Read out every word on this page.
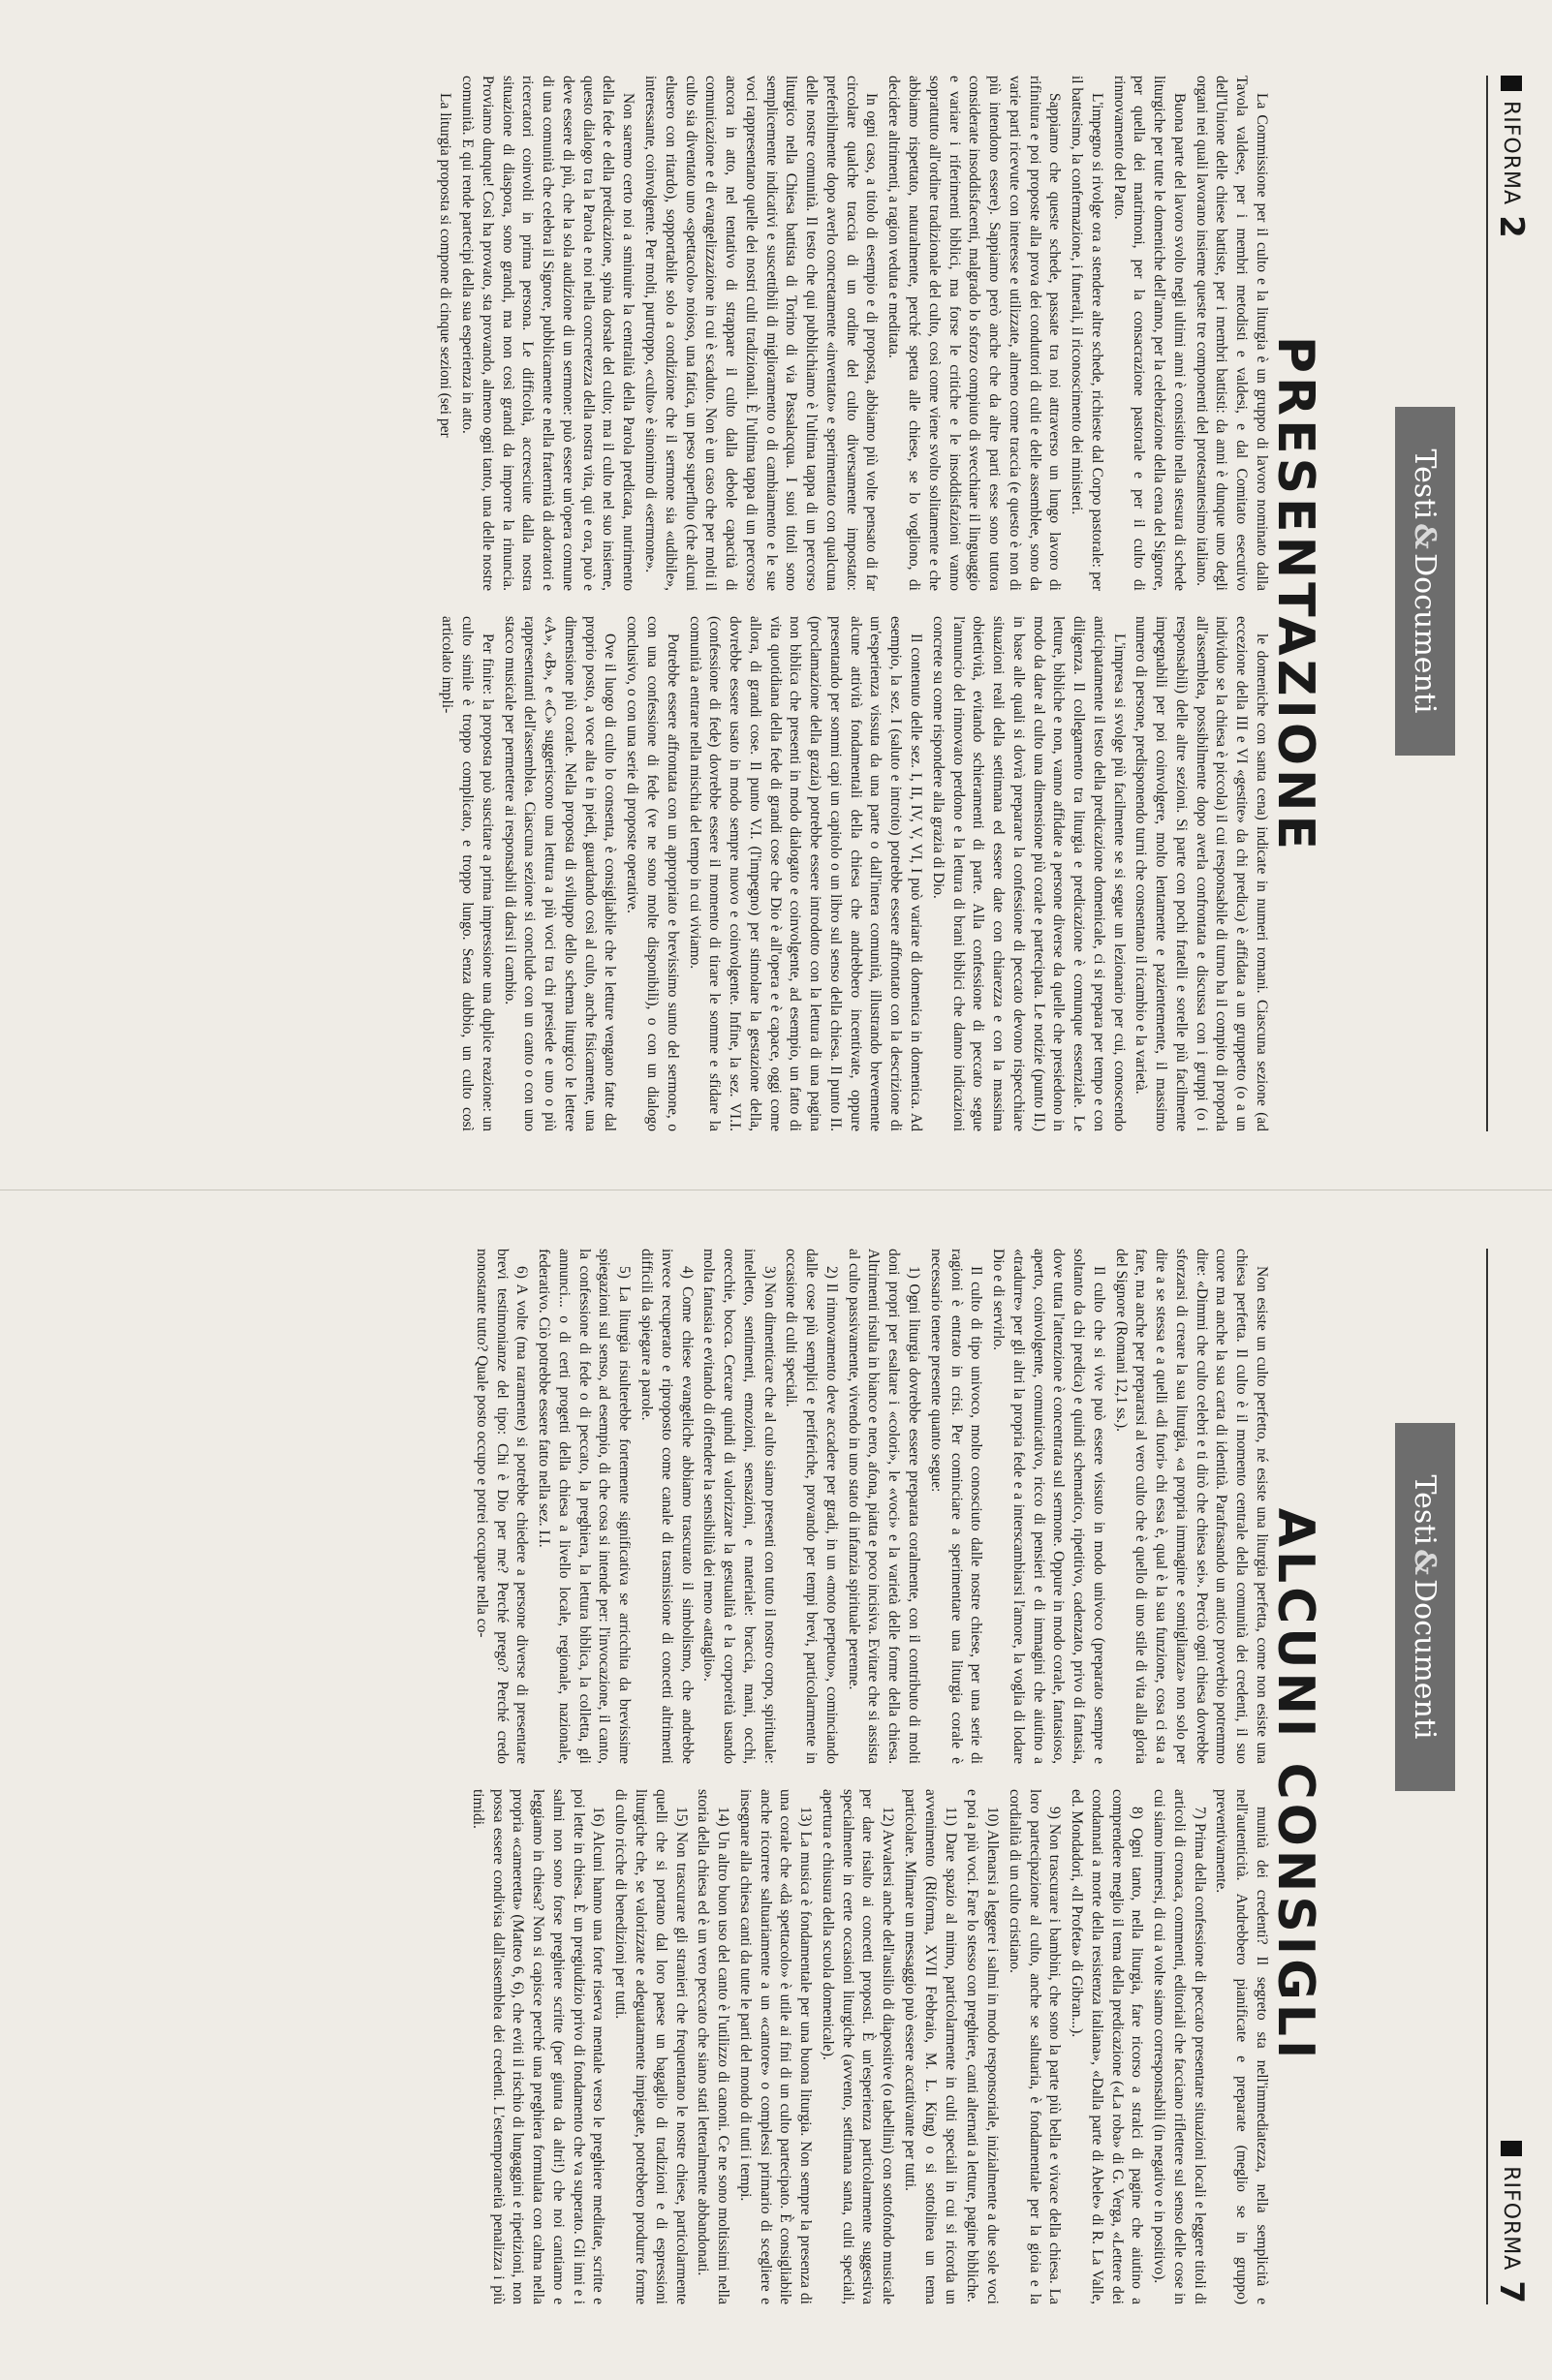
RIFORMA
2
Testi
&
Documenti
PRESENTAZIONE

La Commissione per il culto e la liturgia è un gruppo di lavoro nominato dalla Tavola valdese, per i membri metodisti e valdesi, e dal Comitato esecutivo dell'Unione delle chiese battiste, per i membri battisti: da anni è dunque uno degli organi nei quali lavorano insieme queste tre componenti del protestantesimo italiano.

Buona parte del lavoro svolto negli ultimi anni è consistito nella stesura di schede liturgiche per tutte le domeniche dell'anno, per la celebrazione della cena del Signore, per quella dei matrimoni, per la consacrazione pastorale e per il culto di rinnovamento del Patto.

L'impegno si rivolge ora a stendere altre schede, richieste dal Corpo pastorale: per il battesimo, la confermazione, i funerali, il riconoscimento dei ministeri.

Sappiamo che queste schede, passate tra noi attraverso un lungo lavoro di rifinitura e poi proposte alla prova dei conduttori di culti e delle assemblee, sono da varie parti ricevute con interesse e utilizzate, almeno come traccia (e questo è non di più intendono essere). Sappiamo però anche che da altre parti esse sono tuttora considerate insoddisfacenti, malgrado lo sforzo compiuto di svecchiare il linguaggio e variare i riferimenti biblici, ma forse le critiche e le insoddisfazioni vanno soprattutto all'ordine tradizionale del culto, così come viene svolto solitamente e che abbiamo rispettato, naturalmente, perché spetta alle chiese, se lo vogliono, di decidere altrimenti, a ragion veduta e meditata.

In ogni caso, a titolo di esempio e di proposta, abbiamo più volte pensato di far circolare qualche traccia di un ordine del culto diversamente impostato: preferibilmente dopo averlo concretamente «inventato» e sperimentato con qualcuna delle nostre comunità. Il testo che qui pubblichiamo è l'ultima tappa di un percorso liturgico nella Chiesa battista di Torino di via Passalacqua. I suoi titoli sono semplicemente indicativi e suscettibili di miglioramento o di cambiamento e le sue voci rappresentano quelle dei nostri culti tradizionali. È l'ultima tappa di un percorso ancora in atto, nel tentativo di strappare il culto dalla debole capacità di comunicazione e di evangelizzazione in cui è scaduto. Non è un caso che per molti il culto sia diventato uno «spettacolo» noioso, una fatica, un peso superfluo (che alcuni elusero con ritardo), sopportabile solo a condizione che il sermone sia «udibile», interessante, coinvolgente. Per molti, purtroppo, «culto» è sinonimo di «sermone».

Non saremo certo noi a sminuire la centralità della Parola predicata, nutrimento della fede e della predicazione, spina dorsale del culto; ma il culto nel suo insieme, questo dialogo tra la Parola e noi nella concretezza della nostra vita, qui e ora, può e deve essere di più, che la sola audizione di un sermone: può essere un'opera comune di una comunità che celebra il Signore, pubblicamente e nella fraternità di adoratori e ricercatori coinvolti in prima persona. Le difficoltà, accresciute dalla nostra situazione di diaspora, sono grandi, ma non così grandi da imporre la rinuncia. Proviamo dunque! Così ha provato, sta provando, almeno ogni tanto, una delle nostre comunità. E qui rende partecipi della sua esperienza in atto.

La liturgia proposta si compone di cinque sezioni (sei per

le domeniche con santa cena) indicate in numeri romani. Ciascuna sezione (ad eccezione della III e VI «gestite» da chi predica) è affidata a un gruppetto (o a un individuo se la chiesa è piccola) il cui responsabile di turno ha il compito di proporla all'assemblea, possibilmente dopo averla confrontata e discussa con i gruppi (o i responsabili) delle altre sezioni. Si parte con pochi fratelli e sorelle più facilmente impegnabili per poi coinvolgere, molto lentamente e pazientemente, il massimo numero di persone, predisponendo turni che consentano il ricambio e la varietà.

L'impresa si svolge più facilmente se si segue un lezionario per cui, conoscendo anticipatamente il testo della predicazione domenicale, ci si prepara per tempo e con diligenza. Il collegamento tra liturgia e predicazione è comunque essenziale. Le letture, bibliche e non, vanno affidate a persone diverse da quelle che presiedono in modo da dare al culto una dimensione più corale e partecipata. Le notizie (punto II.) in base alle quali si dovrà preparare la confessione di peccato devono rispecchiare situazioni reali della settimana ed essere date con chiarezza e con la massima obiettività, evitando schieramenti di parte. Alla confessione di peccato segue l'annuncio del rinnovato perdono e la lettura di brani biblici che danno indicazioni concrete su come rispondere alla grazia di Dio.

Il contenuto delle sez. I, II, IV, V, VI, I può variare di domenica in domenica. Ad esempio, la sez. I (saluto e introito) potrebbe essere affrontato con la descrizione di un'esperienza vissuta da una parte o dall'intera comunità, illustrando brevemente alcune attività fondamentali della chiesa che andrebbero incentivate, oppure presentando per sommi capi un capitolo o un libro sul senso della chiesa. Il punto II. (proclamazione della grazia) potrebbe essere introdotto con la lettura di una pagina non biblica che presenti in modo dialogato e coinvolgente, ad esempio, un fatto di vita quotidiana della fede di grandi cose che Dio è all'opera e è capace, oggi come allora, di grandi cose. Il punto V.I. (l'impegno) per stimolare la gestazione della, dovrebbe essere usato in modo sempre nuovo e coinvolgente. Infine, la sez. VI.I. (confessione di fede) dovrebbe essere il momento di tirare le somme e sfidare la comunità a entrare nella mischia del tempo in cui viviamo.

Potrebbe essere affrontata con un appropriato e brevissimo sunto del sermone, o con una confessione di fede (ve ne sono molte disponibili), o con un dialogo conclusivo, o con una serie di proposte operative.

Ove il luogo di culto lo consenta, è consigliabile che le letture vengano fatte dal proprio posto, a voce alta e in piedi, guardando così al culto, anche fisicamente, una dimensione più corale. Nella proposta di sviluppo dello schema liturgico le lettere «A», «B», e «C» suggeriscono una lettura a più voci tra chi presiede e uno o più rappresentanti dell'assemblea. Ciascuna sezione si conclude con un canto o con uno stacco musicale per permettere ai responsabili di darsi il cambio.

Per finire: la proposta può suscitare a prima impressione una duplice reazione: un culto simile è troppo complicato, e troppo lungo. Senza dubbio, un culto così articolato impli-

RIFORMA
7
Testi
&
Documenti
ALCUNI CONSIGLI

Non esiste un culto perfetto, né esiste una liturgia perfetta, come non esiste una chiesa perfetta. Il culto è il momento centrale della comunità dei credenti, il suo cuore ma anche la sua carta di identità. Parafrasando un antico proverbio potremmo dire: «Dimmi che culto celebri e ti dirò che chiesa sei». Perciò ogni chiesa dovrebbe sforzarsi di creare la sua liturgia, «a propria immagine e somiglianza» non solo per dire a se stessa e a quelli «di fuori» chi essa è, qual è la sua funzione, cosa ci sta a fare, ma anche per prepararsi al vero culto che è quello di uno stile di vita alla gloria del Signore (Romani 12,1 ss.).

Il culto che si vive può essere vissuto in modo univoco (preparato sempre e soltanto da chi predica) e quindi schematico, ripetitivo, cadenzato, privo di fantasia, dove tutta l'attenzione è concentrata sul sermone. Oppure in modo corale, fantasioso, aperto, coinvolgente, comunicativo, ricco di pensieri e di immagini che aiutino a «tradurre» per gli altri la propria fede e a interscambiarsi l'amore, la voglia di lodare Dio e di servirlo.

Il culto di tipo univoco, molto conosciuto dalle nostre chiese, per una serie di ragioni è entrato in crisi. Per cominciare a sperimentare una liturgia corale è necessario tenere presente quanto segue:

1) Ogni liturgia dovrebbe essere preparata coralmente, con il contributo di molti doni propri per esaltare i «colori», le «voci» e la varietà delle forme della chiesa. Altrimenti risulta in bianco e nero, afona, piatta e poco incisiva. Evitare che si assista al culto passivamente, vivendo in uno stato di infanzia spirituale perenne.

2) Il rinnovamento deve accadere per gradi, in un «moto perpetuo», cominciando dalle cose più semplici e periferiche, provando per tempi brevi, particolarmente in occasione di culti speciali.

3) Non dimenticare che al culto siamo presenti con tutto il nostro corpo, spirituale: intelletto, sentimenti, emozioni, sensazioni, e materiale: braccia, mani, occhi, orecchie, bocca. Cercare quindi di valorizzare la gestualità e la corporeità usando molta fantasia e evitando di offendere la sensibilità dei meno «attaglio».

4) Come chiese evangeliche abbiamo trascurato il simbolismo, che andrebbe invece recuperato e riproposto come canale di trasmissione di concetti altrimenti difficili da spiegare a parole.

5) La liturgia risulterebbe fortemente significativa se arricchita da brevissime spiegazioni sul senso, ad esempio, di che cosa si intende per: l'invocazione, il canto, la confessione di fede o di peccato, la preghiera, la lettura biblica, la colletta, gli annunci... o di certi progetti della chiesa a livello locale, regionale, nazionale, federativo. Ciò potrebbe essere fatto nella sez. I.I.

6) A volte (ma raramente) si potrebbe chiedere a persone diverse di presentare brevi testimonianze del tipo: Chi è Dio per me? Perché prego? Perché credo nonostante tutto? Quale posto occupo e potrei occupare nella co-

munità dei credenti? Il segreto sta nell'immediatezza, nella semplicità e nell'autenticità. Andrebbero pianificate e preparate (meglio se in gruppo) preventivamente.

7) Prima della confessione di peccato presentare situazioni locali e leggere titoli di articoli di cronaca, commenti, editoriali che facciano riflettere sul senso delle cose in cui siamo immersi, di cui a volte siamo corresponsabili (in negativo e in positivo).

8) Ogni tanto, nella liturgia, fare ricorso a stralci di pagine che aiutino a comprendere meglio il tema della predicazione («La roba» di G. Verga, «Lettere dei condannati a morte della resistenza italiana», «Dalla parte di Abele» di R. La Valle, ed. Mondadori, «Il Profeta» di Gibran...).

9) Non trascurare i bambini, che sono la parte più bella e vivace della chiesa. La loro partecipazione al culto, anche se saltuaria, è fondamentale per la gioia e la cordialità di un culto cristiano.

10) Allenarsi a leggere i salmi in modo responsoriale, inizialmente a due sole voci e poi a più voci. Fare lo stesso con preghiere, canti alternati a letture, pagine bibliche.

11) Dare spazio al mimo, particolarmente in culti speciali in cui si ricorda un avvenimento (Riforma, XVII Febbraio, M. L. King) o si sottolinea un tema particolare. Mimare un messaggio può essere accattivante per tutti.

12) Avvalersi anche dell'ausilio di diapositive (o tabellini) con sottofondo musicale per dare risalto ai concetti proposti. È un'esperienza particolarmente suggestiva specialmente in certe occasioni liturgiche (avvento, settimana santa, culti speciali, apertura e chiusura della scuola domenicale).

13) La musica è fondamentale per una buona liturgia. Non sempre la presenza di una corale che «dà spettacolo» è utile ai fini di un culto partecipato. È consigliabile anche ricorrere saltuariamente a un «cantore» o complessi primario di scegliere e insegnare alla chiesa canti da tutte le parti del mondo di tutti i tempi.

14) Un altro buon uso del canto è l'utilizzo di canoni. Ce ne sono moltissimi nella storia della chiesa ed è un vero peccato che siano stati letteralmente abbandonati.

15) Non trascurare gli stranieri che frequentano le nostre chiese, particolarmente quelli che si portano dal loro paese un bagaglio di tradizioni e di espressioni liturgiche che, se valorizzate e adeguatamente impiegate, potrebbero produrre forme di culto ricche di benedizioni per tutti.

16) Alcuni hanno una forte riserva mentale verso le preghiere meditate, scritte e poi lette in chiesa. È un pregiudizio privo di fondamento che va superato. Gli inni e i salmi non sono forse preghiere scritte (per giunta da altri!) che noi cantiamo e leggiamo in chiesa? Non si capisce perché una preghiera formulata con calma nella propria «cameretta» (Matteo 6, 6), che eviti il rischio di lungaggini e ripetizioni, non possa essere condivisa dall'assemblea dei credenti. L'estemporaneità penalizza i più timidi.
